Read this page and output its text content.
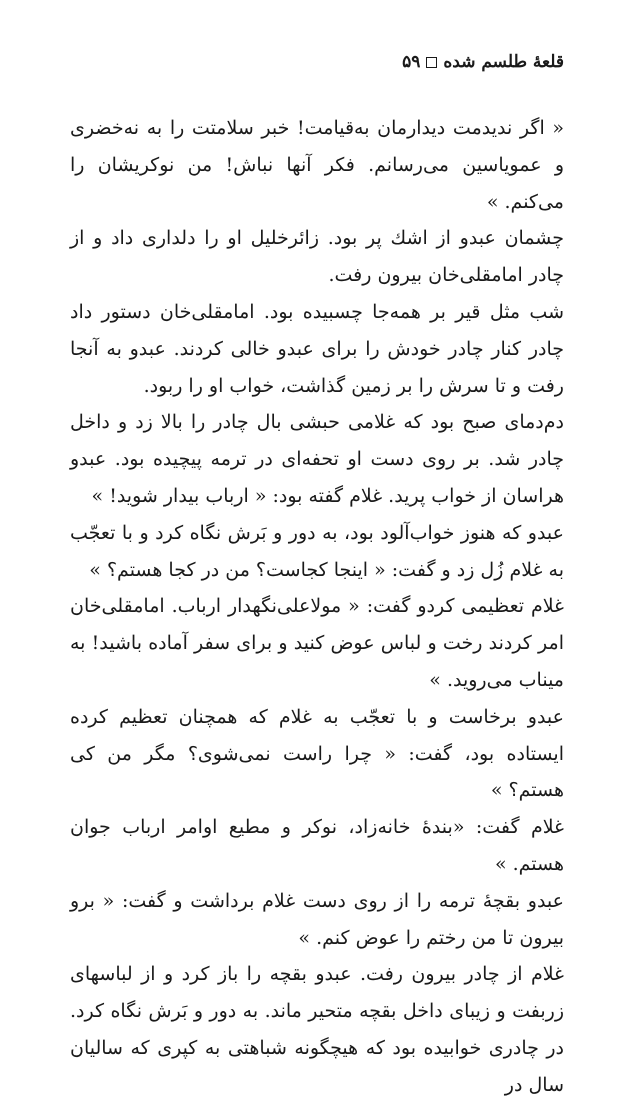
قلعهٔ طلسم شده
۵۹

« اگر ندیدمت دیدارمان به‌قیامت! خبر سلامتت را به نه‌خضری و عمویاسین می‌رسانم. فکر آنها نباش! من نوکریشان را می‌کنم. »

چشمان عبدو از اشك پر بود. زائرخلیل او را دلداری داد و از چادر امامقلی‌خان بیرون رفت.

شب مثل قیر بر همه‌جا چسبیده بود. امامقلی‌خان دستور داد چادر کنار چادر خودش را برای عبدو خالی کردند. عبدو به آنجا رفت و تا سرش را بر زمین گذاشت، خواب او را ربود.

دم‌دمای صبح بود که غلامی حبشی بال چادر را بالا زد و داخل چادر شد. بر روی دست او تحفه‌ای در ترمه پیچیده بود. عبدو هراسان از خواب پرید. غلام گفته بود: « ارباب بیدار شوید! »

عبدو که هنوز خواب‌آلود بود، به دور و بَرش نگاه کرد و با تعجّب به غلام زُل زد و گفت: « اینجا کجاست؟ من در کجا هستم؟ »

غلام تعظیمی کردو گفت: « مولاعلی‌نگهدار ارباب. امامقلی‌خان امر کردند رخت و لباس عوض کنید و برای سفر آماده باشید! به میناب می‌روید. »

عبدو برخاست و با تعجّب به غلام که همچنان تعظیم کرده ایستاده بود، گفت: « چرا راست نمی‌شوی؟ مگر من کی هستم؟ »

غلام گفت: «بندهٔ خانه‌زاد، نوکر و مطیع اوامر ارباب جوان هستم. »

عبدو بقچهٔ ترمه را از روی دست غلام برداشت و گفت: « برو بیرون تا من رختم را عوض کنم. »

غلام از چادر بیرون رفت. عبدو بقچه را باز کرد و از لباسهای زربفت و زیبای داخل بقچه متحیر ماند. به دور و بَرش نگاه کرد. در چادری خوابیده بود که هیچگونه شباهتی به کپری که سالیان سال در
